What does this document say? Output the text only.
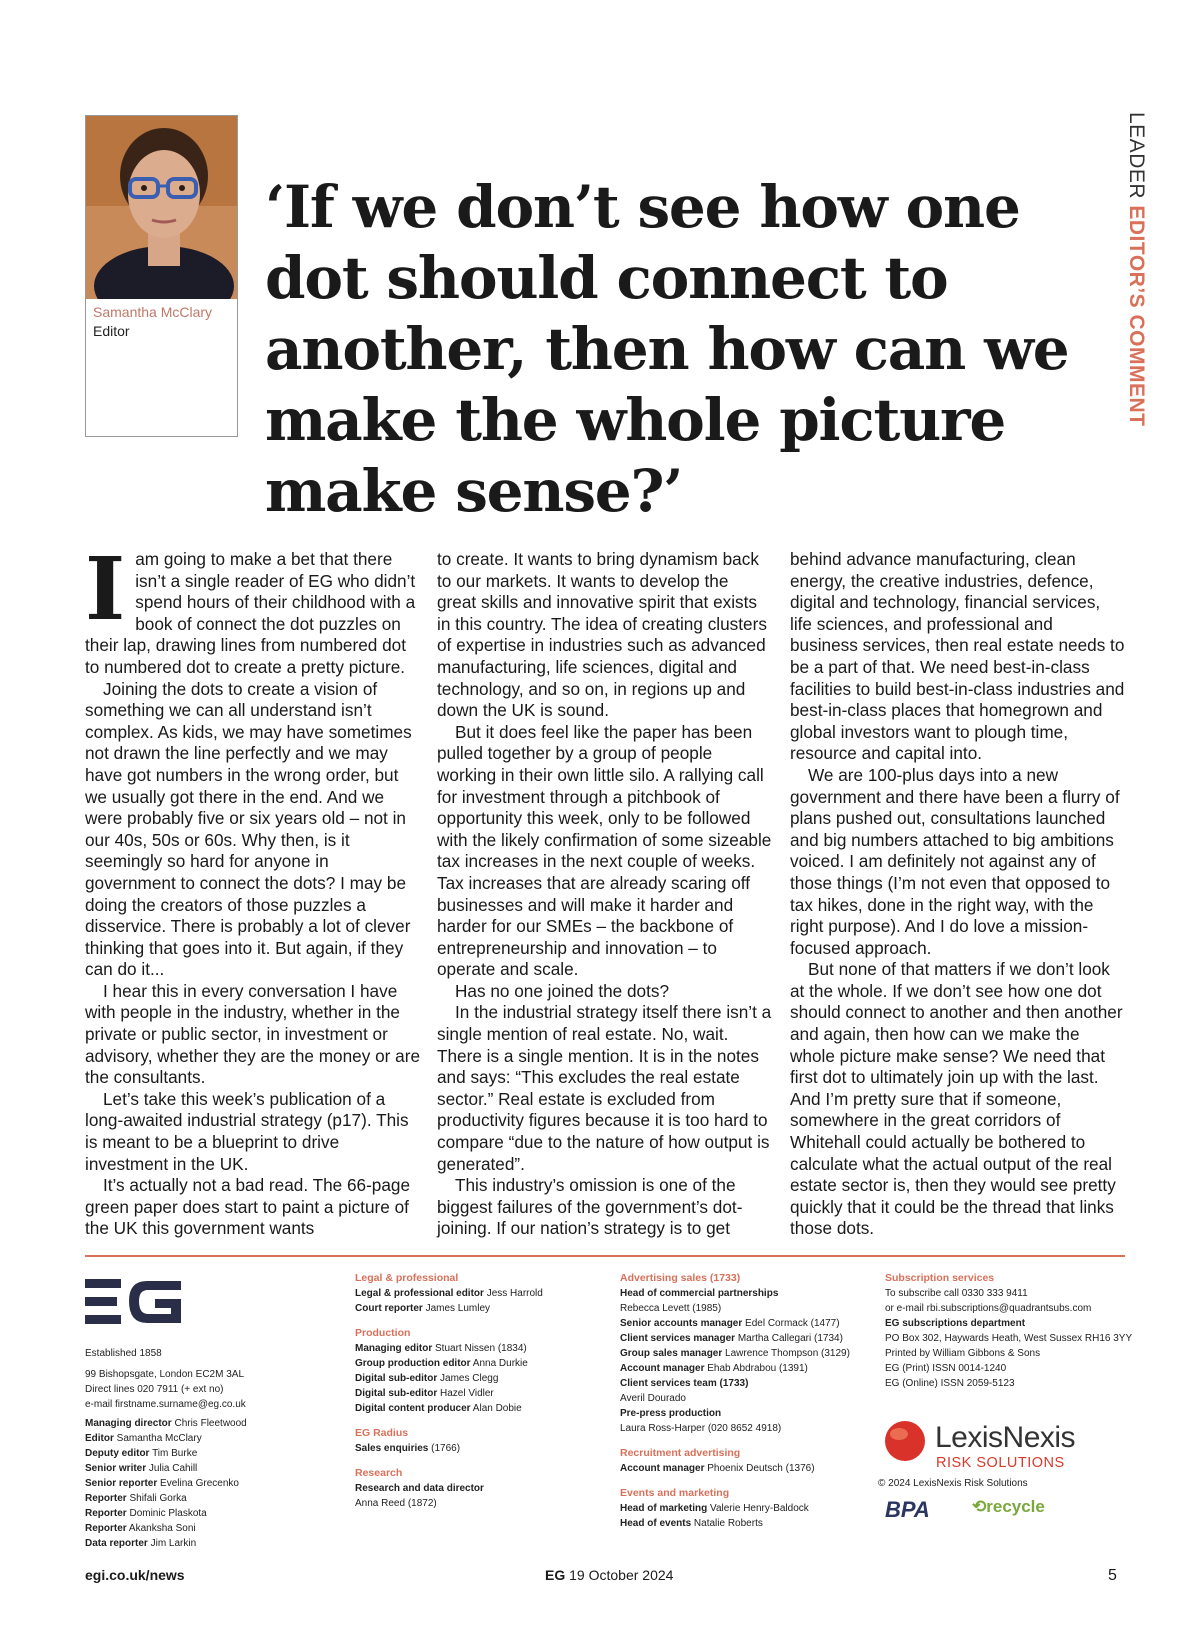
LEADER EDITOR’S COMMENT
Samantha McClary
Editor
‘If we don’t see how one dot should connect to another, then how can we make the whole picture make sense?’

Iam going to make a bet that there isn’t a single reader of EG who didn’t spend hours of their childhood with a book of connect the dot puzzles on their lap, drawing lines from numbered dot to numbered dot to create a pretty picture.

Joining the dots to create a vision of something we can all understand isn’t complex. As kids, we may have sometimes not drawn the line perfectly and we may have got numbers in the wrong order, but we usually got there in the end. And we were probably five or six years old – not in our 40s, 50s or 60s. Why then, is it seemingly so hard for anyone in government to connect the dots? I may be doing the creators of those puzzles a disservice. There is probably a lot of clever thinking that goes into it. But again, if they can do it...

I hear this in every conversation I have with people in the industry, whether in the private or public sector, in investment or advisory, whether they are the money or are the consultants.

Let’s take this week’s publication of a long-awaited industrial strategy (p17). This is meant to be a blueprint to drive investment in the UK.

It’s actually not a bad read. The 66-page green paper does start to paint a picture of the UK this government wants

to create. It wants to bring dynamism back to our markets. It wants to develop the great skills and innovative spirit that exists in this country. The idea of creating clusters of expertise in industries such as advanced manufacturing, life sciences, digital and technology, and so on, in regions up and down the UK is sound.

But it does feel like the paper has been pulled together by a group of people working in their own little silo. A rallying call for investment through a pitchbook of opportunity this week, only to be followed with the likely confirmation of some sizeable tax increases in the next couple of weeks. Tax increases that are already scaring off businesses and will make it harder and harder for our SMEs – the backbone of entrepreneurship and innovation – to operate and scale.

Has no one joined the dots?

In the industrial strategy itself there isn’t a single mention of real estate. No, wait. There is a single mention. It is in the notes and says: “This excludes the real estate sector.” Real estate is excluded from productivity figures because it is too hard to compare “due to the nature of how output is generated”.

This industry’s omission is one of the biggest failures of the government’s dot-joining. If our nation’s strategy is to get

behind advance manufacturing, clean energy, the creative industries, defence, digital and technology, financial services, life sciences, and professional and business services, then real estate needs to be a part of that. We need best-in-class facilities to build best-in-class industries and best-in-class places that homegrown and global investors want to plough time, resource and capital into.

We are 100-plus days into a new government and there have been a flurry of plans pushed out, consultations launched and big numbers attached to big ambitions voiced. I am definitely not against any of those things (I’m not even that opposed to tax hikes, done in the right way, with the right purpose). And I do love a mission-focused approach.

But none of that matters if we don’t look at the whole. If we don’t see how one dot should connect to another and then another and again, then how can we make the whole picture make sense? We need that first dot to ultimately join up with the last. And I’m pretty sure that if someone, somewhere in the great corridors of Whitehall could actually be bothered to calculate what the actual output of the real estate sector is, then they would see pretty quickly that it could be the thread that links those dots.

Established 1858
99 Bishopsgate, London EC2M 3AL
Direct lines 020 7911 (+ ext no)
e-mail firstname.surname@eg.co.uk
Managing director Chris Fleetwood
Editor Samantha McClary
Deputy editor Tim Burke
Senior writer Julia Cahill
Senior reporter Evelina Grecenko
Reporter Shifali Gorka
Reporter Dominic Plaskota
Reporter Akanksha Soni
Data reporter Jim Larkin
Legal & professional
Legal & professional editor Jess Harrold
Court reporter James Lumley
Production
Managing editor Stuart Nissen (1834)
Group production editor Anna Durkie
Digital sub-editor James Clegg
Digital sub-editor Hazel Vidler
Digital content producer Alan Dobie
EG Radius
Sales enquiries (1766)
Research
Research and data director
Anna Reed (1872)
Advertising sales (1733)
Head of commercial partnerships
Rebecca Levett (1985)
Senior accounts manager Edel Cormack (1477)
Client services manager Martha Callegari (1734)
Group sales manager Lawrence Thompson (3129)
Account manager Ehab Abdrabou (1391)
Client services team (1733)
Averil Dourado
Pre-press production
Laura Ross-Harper (020 8652 4918)
Recruitment advertising
Account manager Phoenix Deutsch (1376)
Events and marketing
Head of marketing Valerie Henry-Baldock
Head of events Natalie Roberts
Subscription services
To subscribe call 0330 333 9411
or e-mail rbi.subscriptions@quadrantsubs.com
EG subscriptions department
PO Box 302, Haywards Heath, West Sussex RH16 3YY
Printed by William Gibbons & Sons
EG (Print) ISSN 0014-1240
EG (Online) ISSN 2059-5123
LexisNexis
RISK SOLUTIONS
© 2024 LexisNexis Risk Solutions
BPA ⟲recycle
egi.co.uk/news	EG 19 October 2024	5
